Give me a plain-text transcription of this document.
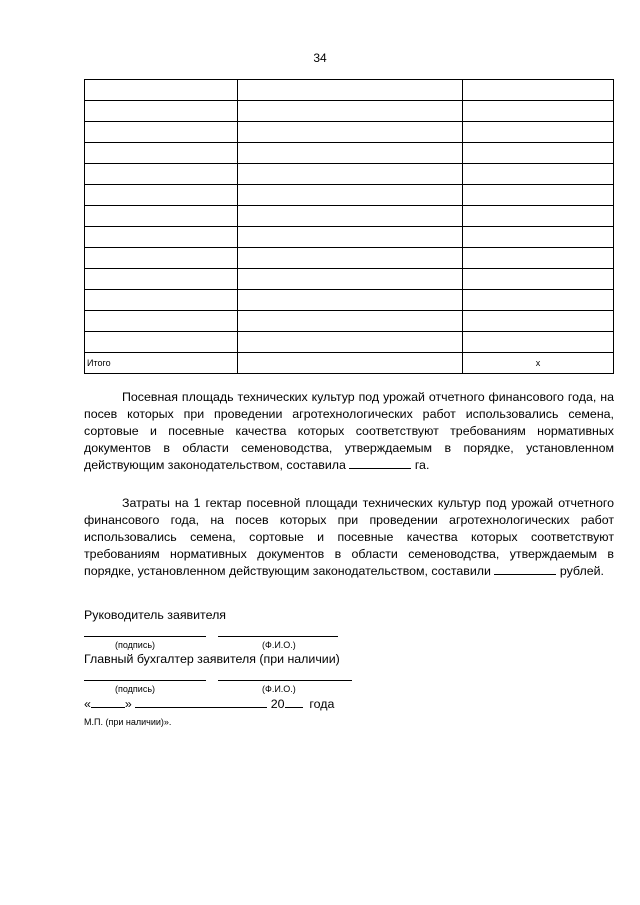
34

Итого		х

Посевная площадь технических культур под урожай отчетного финансового года, на посев которых при проведении агротехнологических работ использовались семена, сортовые и посевные качества которых соответствуют требованиям нормативных документов в области семеноводства, утверждаемым в порядке, установленном действующим законодательством, составила	га.

Затраты на 1 гектар посевной площади технических культур под урожай отчетного финансового года, на посев которых при проведении агротехнологических работ использовались семена, сортовые и посевные качества которых соответствуют требованиям нормативных документов в области семеноводства, утверждаемым в порядке, установленном действующим законодательством, составили	рублей.

Руководитель заявителя
(подпись)	(Ф.И.О.)
Главный бухгалтер заявителя (при наличии)
(подпись)	(Ф.И.О.)
«	»	20 года
М.П. (при наличии)».
